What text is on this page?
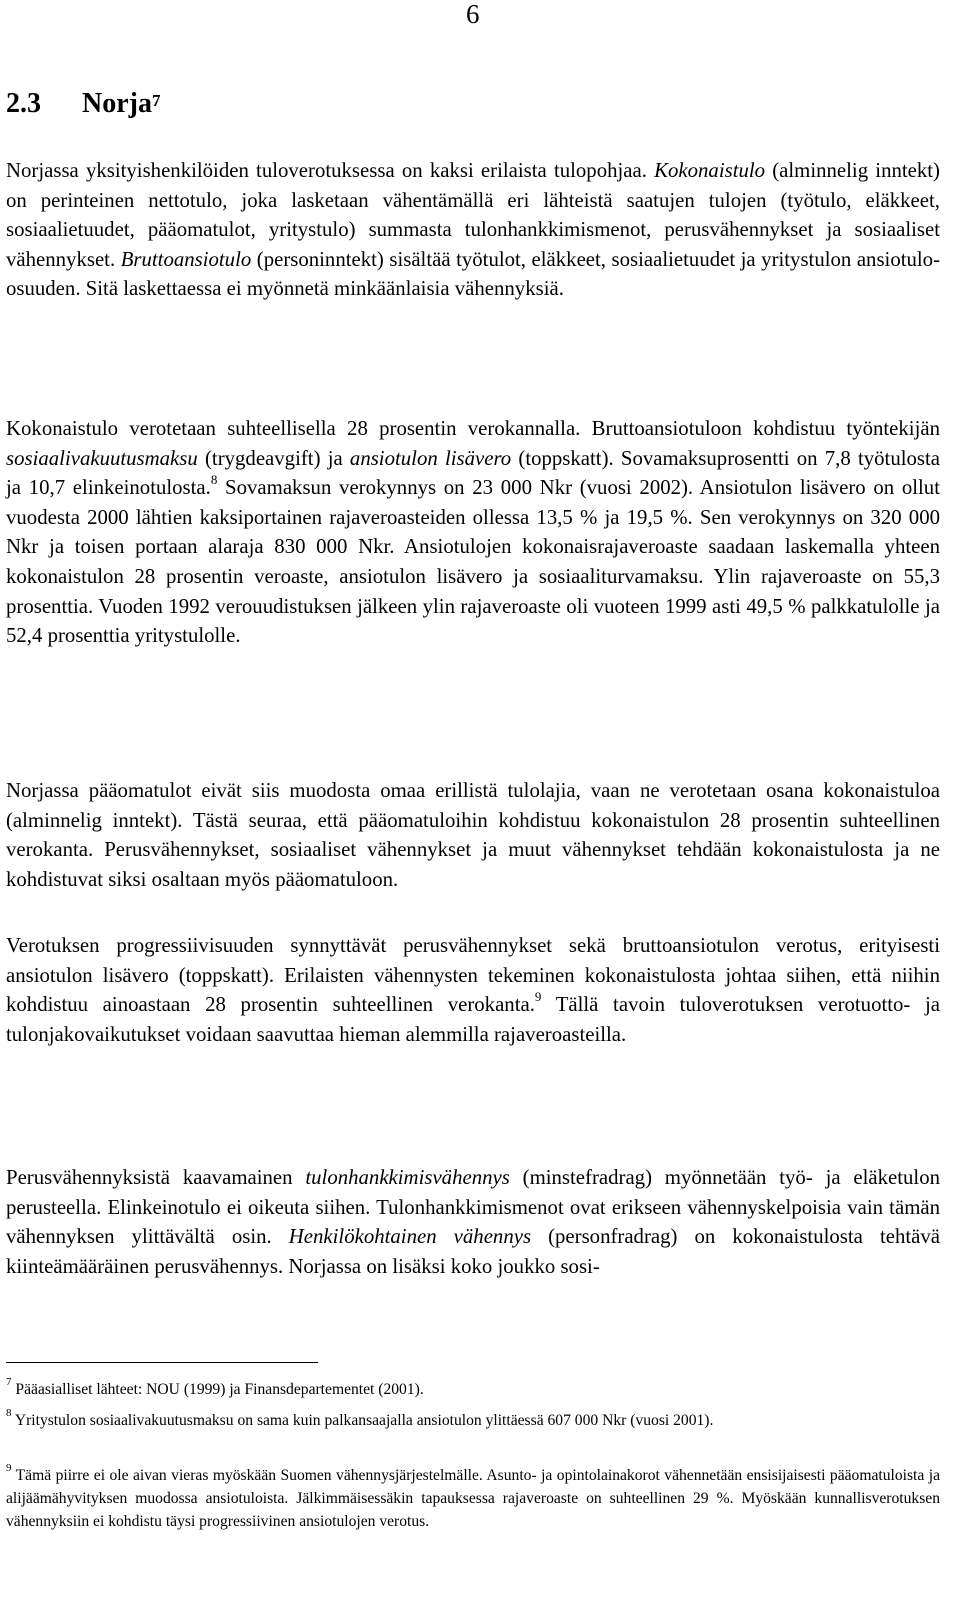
6
2.3 Norja$^7$

Norjassa yksityishenkilöiden tuloverotuksessa on kaksi erilaista tulopohjaa. Kokonaistulo (alminnelig inntekt) on perinteinen nettotulo, joka lasketaan vähentämällä eri lähteistä saatujen tulojen (työtulo, eläkkeet, sosiaalietuudet, pääomatulot, yritystulo) summasta tulonhankkimismenot, perusvähennykset ja sosiaaliset vähennykset. Bruttoansiotulo (personinntekt) sisältää työtulot, eläkkeet, sosiaalietuudet ja yritystulon ansiotulo-osuuden. Sitä laskettaessa ei myönnetä minkäänlaisia vähennyksiä.

Kokonaistulo verotetaan suhteellisella 28 prosentin verokannalla. Bruttoansiotuloon kohdistuu työntekijän sosiaalivakuutusmaksu (trygdeavgift) ja ansiotulon lisävero (toppskatt). Sovamaksuprosentti on 7,8 työtulosta ja 10,7 elinkeinotulosta.$^8$ Sovamaksun verokynnys on 23 000 Nkr (vuosi 2002). Ansiotulon lisävero on ollut vuodesta 2000 lähtien kaksiportainen rajaveroasteiden ollessa 13,5 % ja 19,5 %. Sen verokynnys on 320 000 Nkr ja toisen portaan alaraja 830 000 Nkr. Ansiotulojen kokonaisrajaveroaste saadaan laskemalla yhteen kokonaistulon 28 prosentin veroaste, ansiotulon lisävero ja sosiaaliturvamaksu. Ylin rajaveroaste on 55,3 prosenttia. Vuoden 1992 verouudistuksen jälkeen ylin rajaveroaste oli vuoteen 1999 asti 49,5 % palkkatulolle ja 52,4 prosenttia yritystulolle.

Norjassa pääomatulot eivät siis muodosta omaa erillistä tulolajia, vaan ne verotetaan osana kokonaistuloa (alminnelig inntekt). Tästä seuraa, että pääomatuloihin kohdistuu kokonaistulon 28 prosentin suhteellinen verokanta. Perusvähennykset, sosiaaliset vähennykset ja muut vähennykset tehdään kokonaistulosta ja ne kohdistuvat siksi osaltaan myös pääomatuloon.

Verotuksen progressiivisuuden synnyttävät perusvähennykset sekä bruttoansiotulon verotus, erityisesti ansiotulon lisävero (toppskatt). Erilaisten vähennysten tekeminen kokonaistulosta johtaa siihen, että niihin kohdistuu ainoastaan 28 prosentin suhteellinen verokanta.$^9$ Tällä tavoin tuloverotuksen verotuotto- ja tulonjakovaikutukset voidaan saavuttaa hieman alemmilla rajaveroasteilla.

Perusvähennyksistä kaavamainen tulonhankkimisvähennys (minstefradrag) myönnetään työ- ja eläketulon perusteella. Elinkeinotulo ei oikeuta siihen. Tulonhankkimismenot ovat erikseen vähennyskelpoisia vain tämän vähennyksen ylittävältä osin. Henkilökohtainen vähennys (personfradrag) on kokonaistulosta tehtävä kiinteämääräinen perusvähennys. Norjassa on lisäksi koko joukko sosi-

$^7$ Pääasialliset lähteet: NOU (1999) ja Finansdepartementet (2001).

$^8$ Yritystulon sosiaalivakuutusmaksu on sama kuin palkansaajalla ansiotulon ylittäessä 607 000 Nkr (vuosi 2001).

$^9$ Tämä piirre ei ole aivan vieras myöskään Suomen vähennysjärjestelmälle. Asunto- ja opintolainakorot vähennetään ensisijaisesti pääomatuloista ja alijäämähyvityksen muodossa ansiotuloista. Jälkimmäisessäkin tapauksessa rajaveroaste on suhteellinen 29 %. Myöskään kunnallisverotuksen vähennyksiin ei kohdistu täysi progressiivinen ansiotulojen verotus.
